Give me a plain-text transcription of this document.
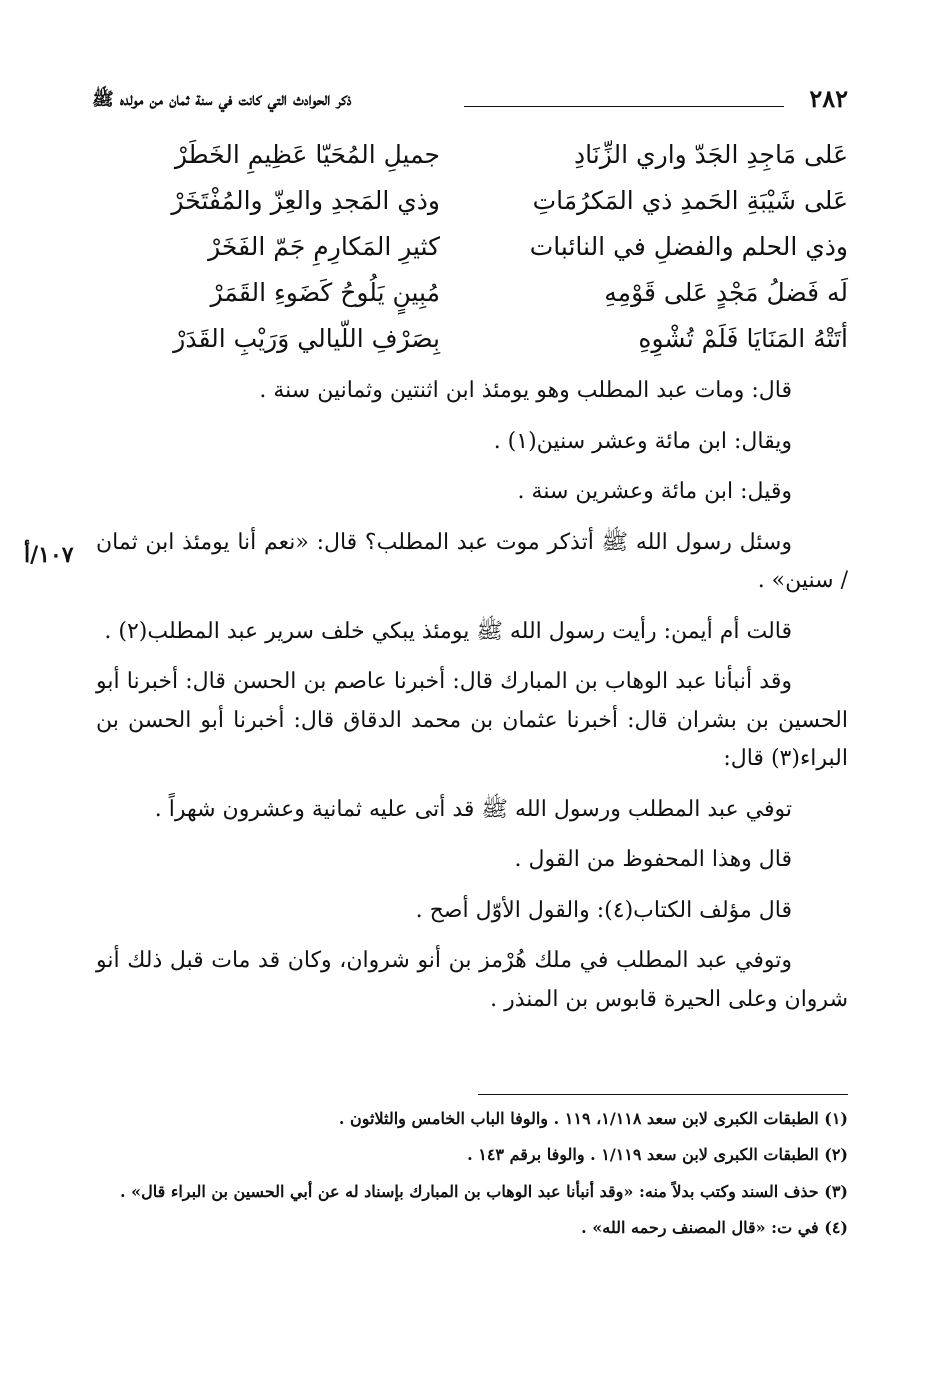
٢٨٢
ذكر الحوادث التي كانت في سنة ثمان من مولده ﷺ
عَلى مَاجِدِ الجَدّ واري الزِّنَادِ
جميلِ المُحَيّا عَظِيمِ الخَطَرْ
عَلى شَيْبَةِ الحَمدِ ذي المَكرُمَاتِ
وذي المَجدِ والعِزّ والمُفْتَخَرْ
وذي الحلم والفضلِ في النائبات
كثيرِ المَكارِمِ جَمّ الفَخَرْ
لَه فَضلُ مَجْدٍ عَلى قَوْمِهِ
مُبِينٍ يَلُوحُ كَضَوءِ القَمَرْ
أتَتْهُ المَنَايَا فَلَمْ تُشْوِهِ
بِصَرْفِ اللّيالي وَرَيْبِ القَدَرْ
١٠٧/أ

قال: ومات عبد المطلب وهو يومئذ ابن اثنتين وثمانين سنة .

ويقال: ابن مائة وعشر سنين(١) .

وقيل: ابن مائة وعشرين سنة .

وسئل رسول الله ﷺ أتذكر موت عبد المطلب؟ قال: «نعم أنا يومئذ ابن ثمان / سنين» .

قالت أم أيمن: رأيت رسول الله ﷺ يومئذ يبكي خلف سرير عبد المطلب(٢) .

وقد أنبأنا عبد الوهاب بن المبارك قال: أخبرنا عاصم بن الحسن قال: أخبرنا أبو الحسين بن بشران قال: أخبرنا عثمان بن محمد الدقاق قال: أخبرنا أبو الحسن بن البراء(٣) قال:

توفي عبد المطلب ورسول الله ﷺ قد أتى عليه ثمانية وعشرون شهراً .

قال وهذا المحفوظ من القول .

قال مؤلف الكتاب(٤): والقول الأوّل أصح .

وتوفي عبد المطلب في ملك هُرْمز بن أنو شروان، وكان قد مات قبل ذلك أنو شروان وعلى الحيرة قابوس بن المنذر .

(١) الطبقات الكبرى لابن سعد ١/١١٨، ١١٩ . والوفا الباب الخامس والثلاثون .

(٢) الطبقات الكبرى لابن سعد ١/١١٩ . والوفا برقم ١٤٣ .

(٣) حذف السند وكتب بدلاً منه: «وقد أنبأنا عبد الوهاب بن المبارك بإسناد له عن أبي الحسين بن البراء قال» .

(٤) في ت: «قال المصنف رحمه الله» .
